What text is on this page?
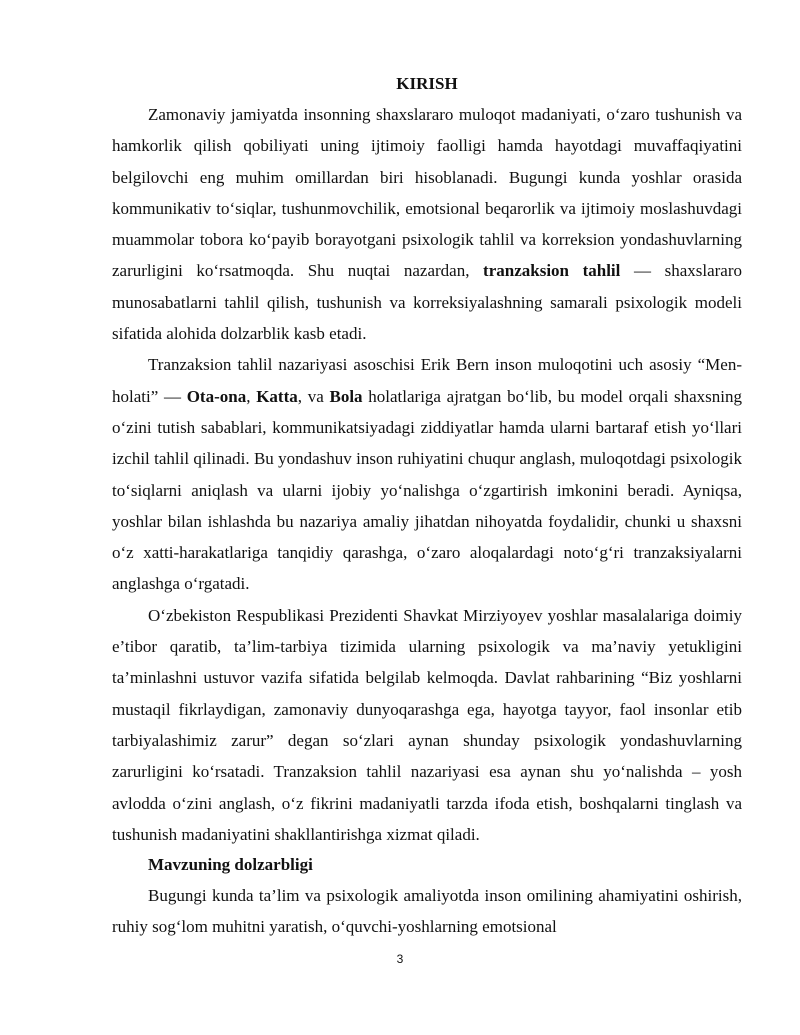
KIRISH

Zamonaviy jamiyatda insonning shaxslararo muloqot madaniyati, o‘zaro tushunish va hamkorlik qilish qobiliyati uning ijtimoiy faolligi hamda hayotdagi muvaffaqiyatini belgilovchi eng muhim omillardan biri hisoblanadi. Bugungi kunda yoshlar orasida kommunikativ to‘siqlar, tushunmovchilik, emotsional beqarorlik va ijtimoiy moslashuvdagi muammolar tobora ko‘payib borayotgani psixologik tahlil va korreksion yondashuvlarning zarurligini ko‘rsatmoqda. Shu nuqtai nazardan, tranzaksion tahlil — shaxslararo munosabatlarni tahlil qilish, tushunish va korreksiyalashning samarali psixologik modeli sifatida alohida dolzarblik kasb etadi.

Tranzaksion tahlil nazariyasi asoschisi Erik Bern inson muloqotini uch asosiy “Men-holati” — Ota-ona, Katta, va Bola holatlariga ajratgan bo‘lib, bu model orqali shaxsning o‘zini tutish sabablari, kommunikatsiyadagi ziddiyatlar hamda ularni bartaraf etish yo‘llari izchil tahlil qilinadi. Bu yondashuv inson ruhiyatini chuqur anglash, muloqotdagi psixologik to‘siqlarni aniqlash va ularni ijobiy yo‘nalishga o‘zgartirish imkonini beradi. Ayniqsa, yoshlar bilan ishlashda bu nazariya amaliy jihatdan nihoyatda foydalidir, chunki u shaxsni o‘z xatti-harakatlariga tanqidiy qarashga, o‘zaro aloqalardagi noto‘g‘ri tranzaksiyalarni anglashga o‘rgatadi.

O‘zbekiston Respublikasi Prezidenti Shavkat Mirziyoyev yoshlar masalalariga doimiy e’tibor qaratib, ta’lim-tarbiya tizimida ularning psixologik va ma’naviy yetukligini ta’minlashni ustuvor vazifa sifatida belgilab kelmoqda. Davlat rahbarining “Biz yoshlarni mustaqil fikrlaydigan, zamonaviy dunyoqarashga ega, hayotga tayyor, faol insonlar etib tarbiyalashimiz zarur” degan so‘zlari aynan shunday psixologik yondashuvlarning zarurligini ko‘rsatadi. Tranzaksion tahlil nazariyasi esa aynan shu yo‘nalishda – yosh avlodda o‘zini anglash, o‘z fikrini madaniyatli tarzda ifoda etish, boshqalarni tinglash va tushunish madaniyatini shakllantirishga xizmat qiladi.

Mavzuning dolzarbligi

Bugungi kunda ta’lim va psixologik amaliyotda inson omilining ahamiyatini oshirish, ruhiy sog‘lom muhitni yaratish, o‘quvchi-yoshlarning emotsional

3
